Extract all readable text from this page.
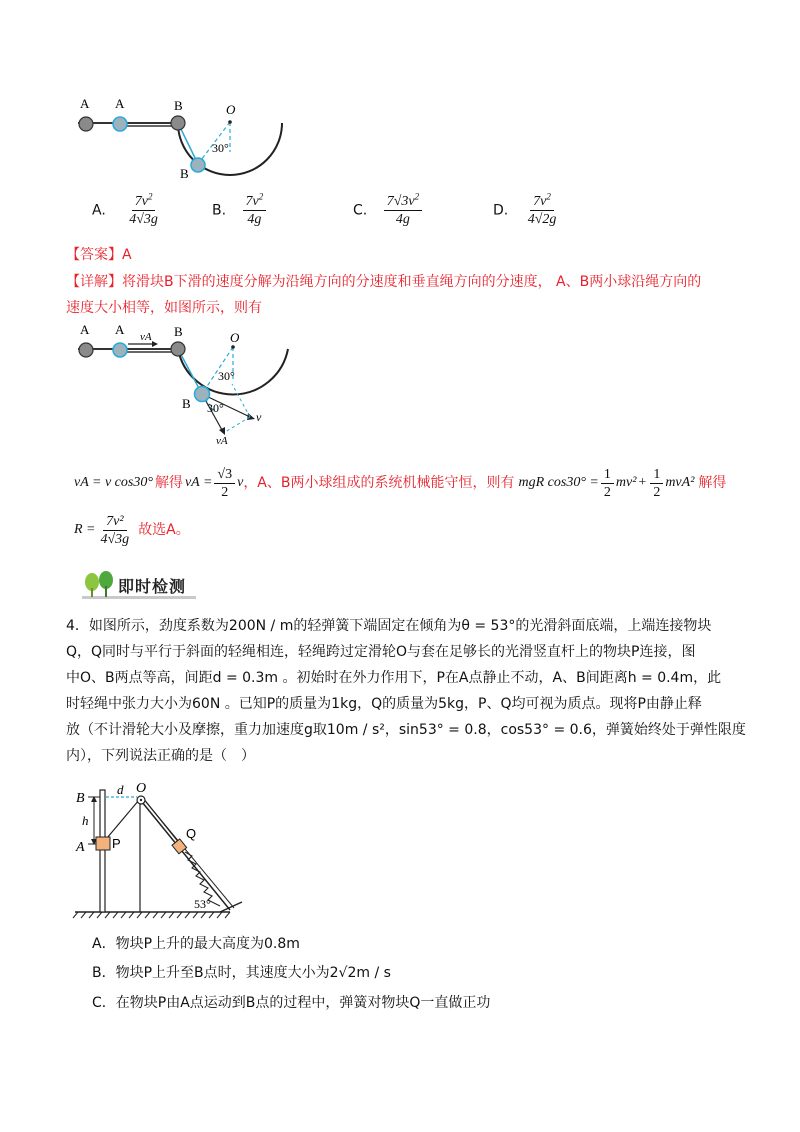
A A	B	O
30°
B
A. $\frac{7v^2}{4√3g}$	B. $\frac{7v^2}{4g}$	C. $\frac{7√3v^2}{4g}$	D. $\frac{7v^2}{4√2g}$
【答案】A
【详解】将滑块B下滑的速度分解为沿绳方向的分速度和垂直绳方向的分速度， A、B两小球沿绳方向的
速度大小相等，如图所示，则有
A A vA B	O
30°
B 30°
v
vA
vA = v cos30° 解得 vA = $\frac{√3}{2}$ v ，A、B两小球组成的系统机械能守恒，则有 mgR $\cos 30^\circ = \frac{1}{2} mv^2 + \frac{1}{2} mvA^2$ 解得
$R = \frac{\text{7v²}}{4√3g}$ 故选A。
即时检测
4．如图所示，劲度系数为200N / m的轻弹簧下端固定在倾角为θ = 53°的光滑斜面底端，上端连接物块
Q，Q同时与平行于斜面的轻绳相连，轻绳跨过定滑轮O与套在足够长的光滑竖直杆上的物块P连接，图
中O、B两点等高，间距d = 0.3m 。初始时在外力作用下，P在A点静止不动，A、B间距离h = 0.4m，此
时轻绳中张力大小为60N 。已知P的质量为1kg，Q的质量为5kg，P、Q均可视为质点。现将P由静止释
放（不计滑轮大小及摩擦，重力加速度g取10m / s²，sin53° = 0.8，cos53° = 0.6，弹簧始终处于弹性限度
内），下列说法正确的是（　）
B
d O
h
A P
Q
53°
A．物块P上升的最大高度为0.8m
B．物块P上升至B点时，其速度大小为2√2m / s
C．在物块P由A点运动到B点的过程中，弹簧对物块Q一直做正功
